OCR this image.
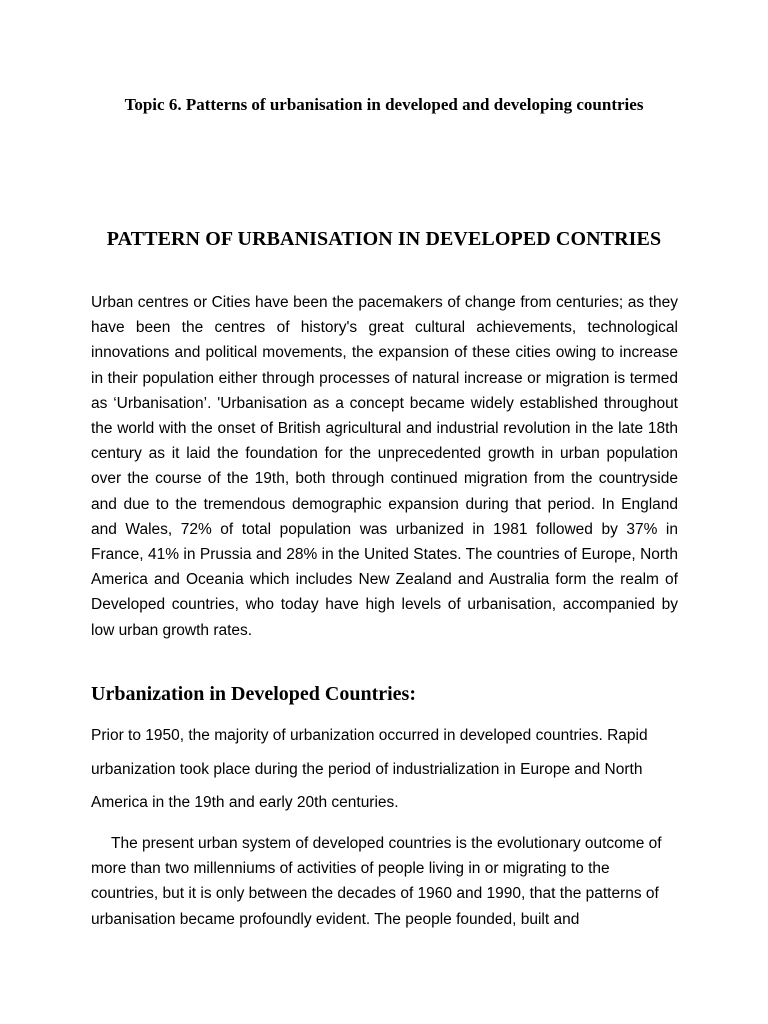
Topic 6. Patterns of urbanisation in developed and developing countries
PATTERN OF URBANISATION IN DEVELOPED CONTRIES

Urban centres or Cities have been the pacemakers of change from centuries; as they have been the centres of history's great cultural achievements, technological innovations and political movements, the expansion of these cities owing to increase in their population either through processes of natural increase or migration is termed as ‘Urbanisation’. 'Urbanisation as a concept became widely established throughout the world with the onset of British agricultural and industrial revolution in the late 18th century as it laid the foundation for the unprecedented growth in urban population over the course of the 19th, both through continued migration from the countryside and due to the tremendous demographic expansion during that period. In England and Wales, 72% of total population was urbanized in 1981 followed by 37% in France, 41% in Prussia and 28% in the United States. The countries of Europe, North America and Oceania which includes New Zealand and Australia form the realm of Developed countries, who today have high levels of urbanisation, accompanied by low urban growth rates.

Urbanization in Developed Countries:

Prior to 1950, the majority of urbanization occurred in developed countries. Rapid urbanization took place during the period of industrialization in Europe and North America in the 19th and early 20th centuries.

The present urban system of developed countries is the evolutionary outcome of more than two millenniums of activities of people living in or migrating to the countries, but it is only between the decades of 1960 and 1990, that the patterns of urbanisation became profoundly evident. The people founded, built and
